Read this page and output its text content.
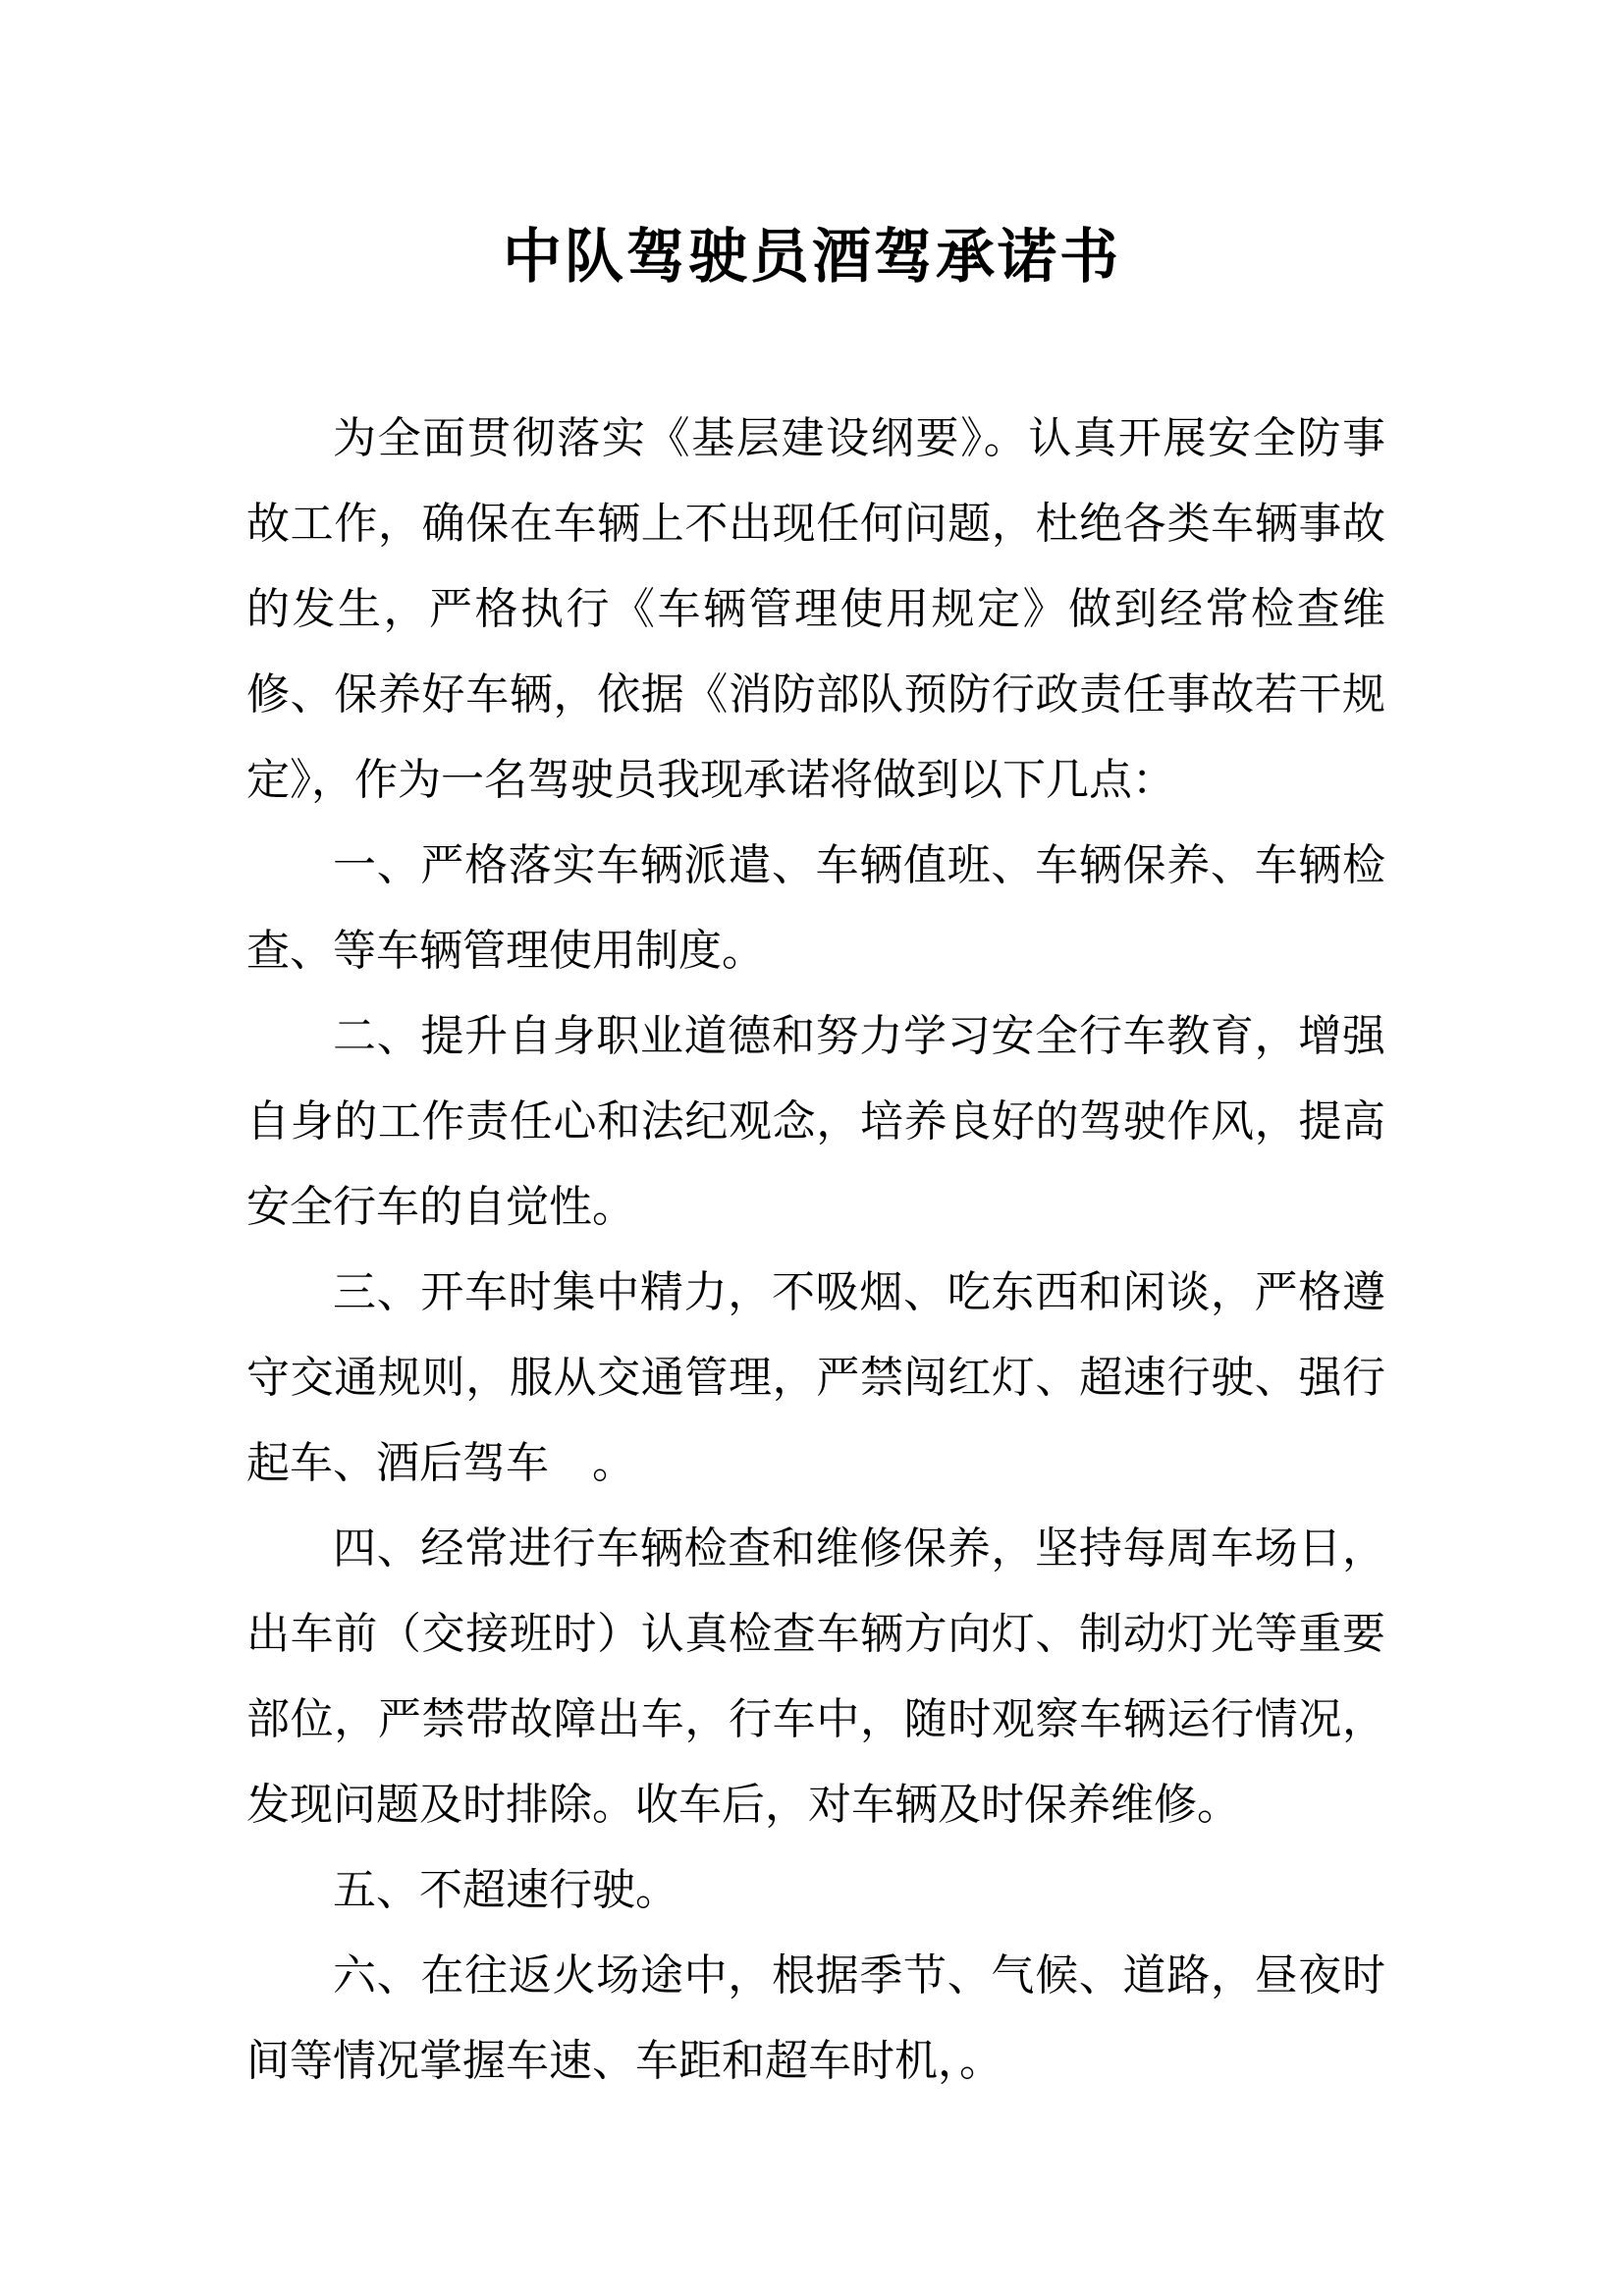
中队驾驶员酒驾承诺书

为全面贯彻落实《基层建设纲要》。认真开展安全防事故工作，确保在车辆上不出现任何问题，杜绝各类车辆事故的发生，严格执行《车辆管理使用规定》做到经常检查维修、保养好车辆，依据《消防部队预防行政责任事故若干规定》，作为一名驾驶员我现承诺将做到以下几点：

一、严格落实车辆派遣、车辆值班、车辆保养、车辆检查、等车辆管理使用制度。

二、提升自身职业道德和努力学习安全行车教育，增强自身的工作责任心和法纪观念，培养良好的驾驶作风，提高安全行车的自觉性。

三、开车时集中精力，不吸烟、吃东西和闲谈，严格遵守交通规则，服从交通管理，严禁闯红灯、超速行驶、强行起车、酒后驾车　。

四、经常进行车辆检查和维修保养，坚持每周车场日，出车前（交接班时）认真检查车辆方向灯、制动灯光等重要部位，严禁带故障出车，行车中，随时观察车辆运行情况，发现问题及时排除。收车后，对车辆及时保养维修。

五、不超速行驶。

六、在往返火场途中，根据季节、气候、道路，昼夜时间等情况掌握车速、车距和超车时机，。
